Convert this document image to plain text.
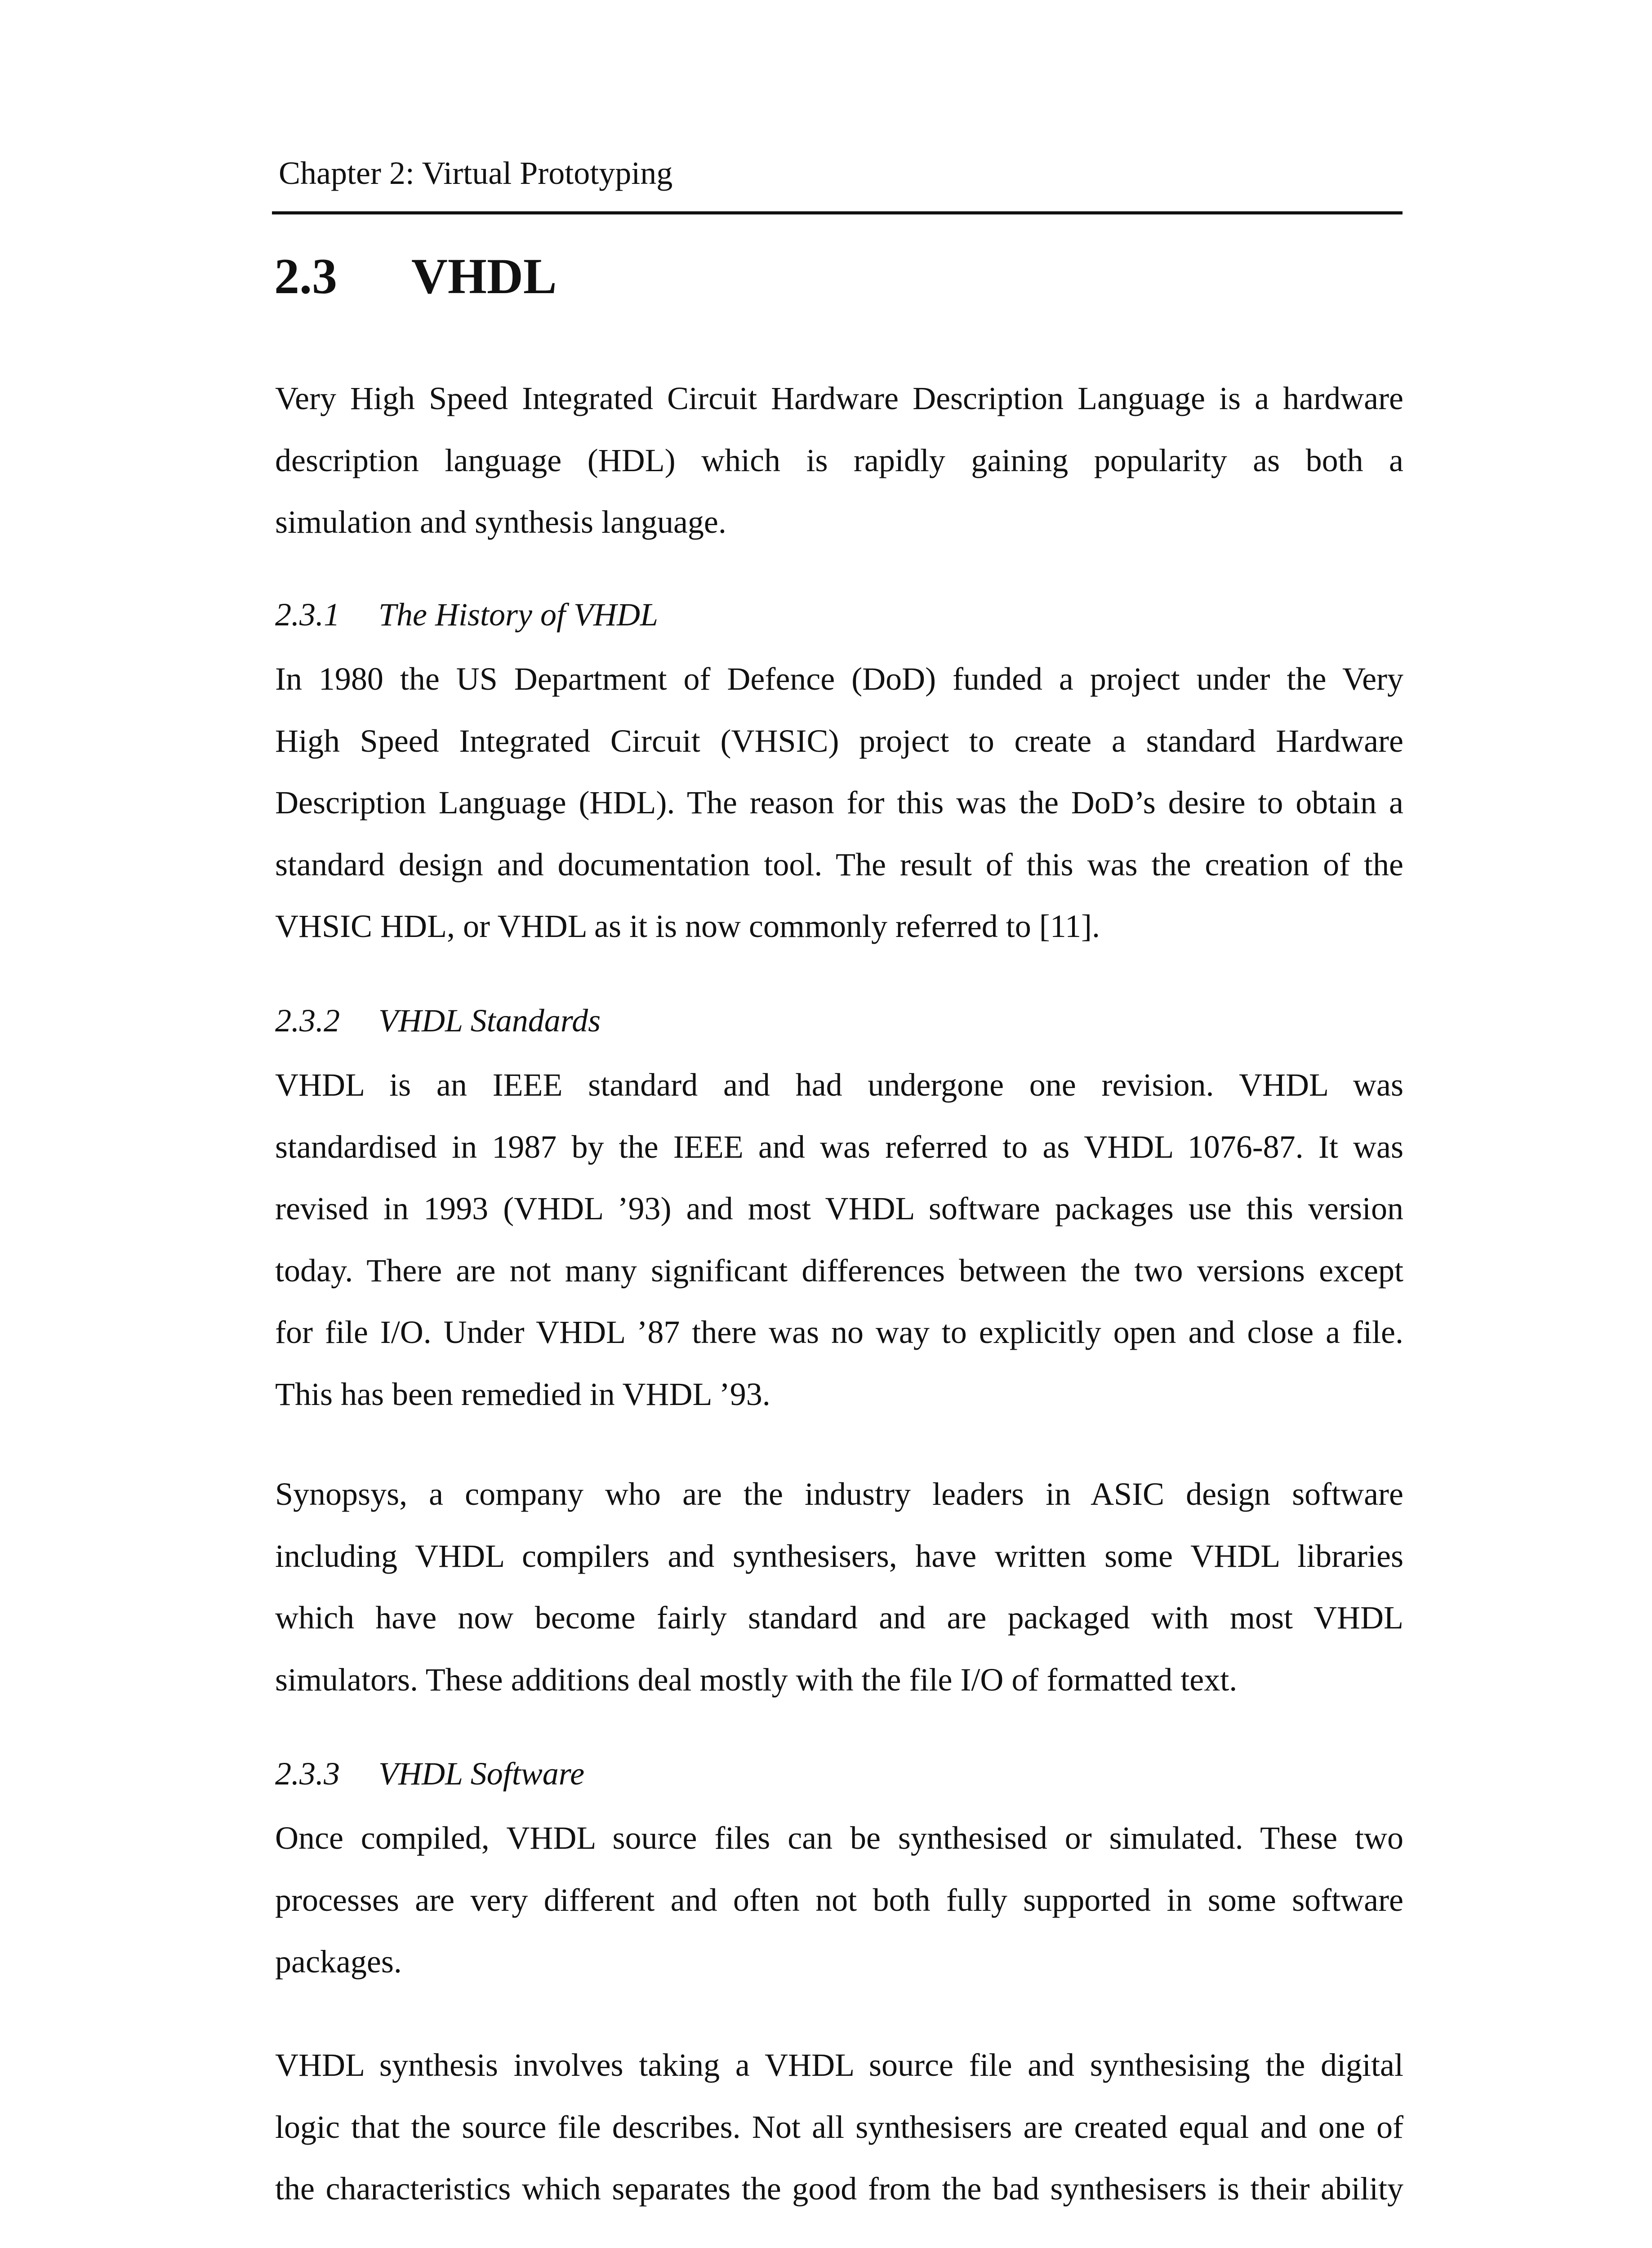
Chapter 2: Virtual Prototyping
2.3 VHDL
Very High Speed Integrated Circuit Hardware Description Language is a hardware
description language (HDL) which is rapidly gaining popularity as both a
simulation and synthesis language.
2.3.1 The History of VHDL
In 1980 the US Department of Defence (DoD) funded a project under the Very
High Speed Integrated Circuit (VHSIC) project to create a standard Hardware
Description Language (HDL). The reason for this was the DoD’s desire to obtain a
standard design and documentation tool. The result of this was the creation of the
VHSIC HDL, or VHDL as it is now commonly referred to [11].
2.3.2 VHDL Standards
VHDL is an IEEE standard and had undergone one revision. VHDL was
standardised in 1987 by the IEEE and was referred to as VHDL 1076-87. It was
revised in 1993 (VHDL ’93) and most VHDL software packages use this version
today. There are not many significant differences between the two versions except
for file I/O. Under VHDL ’87 there was no way to explicitly open and close a file.
This has been remedied in VHDL ’93.
Synopsys, a company who are the industry leaders in ASIC design software
including VHDL compilers and synthesisers, have written some VHDL libraries
which have now become fairly standard and are packaged with most VHDL
simulators. These additions deal mostly with the file I/O of formatted text.
2.3.3 VHDL Software
Once compiled, VHDL source files can be synthesised or simulated. These two
processes are very different and often not both fully supported in some software
packages.
VHDL synthesis involves taking a VHDL source file and synthesising the digital
logic that the source file describes. Not all synthesisers are created equal and one of
the characteristics which separates the good from the bad synthesisers is their ability
